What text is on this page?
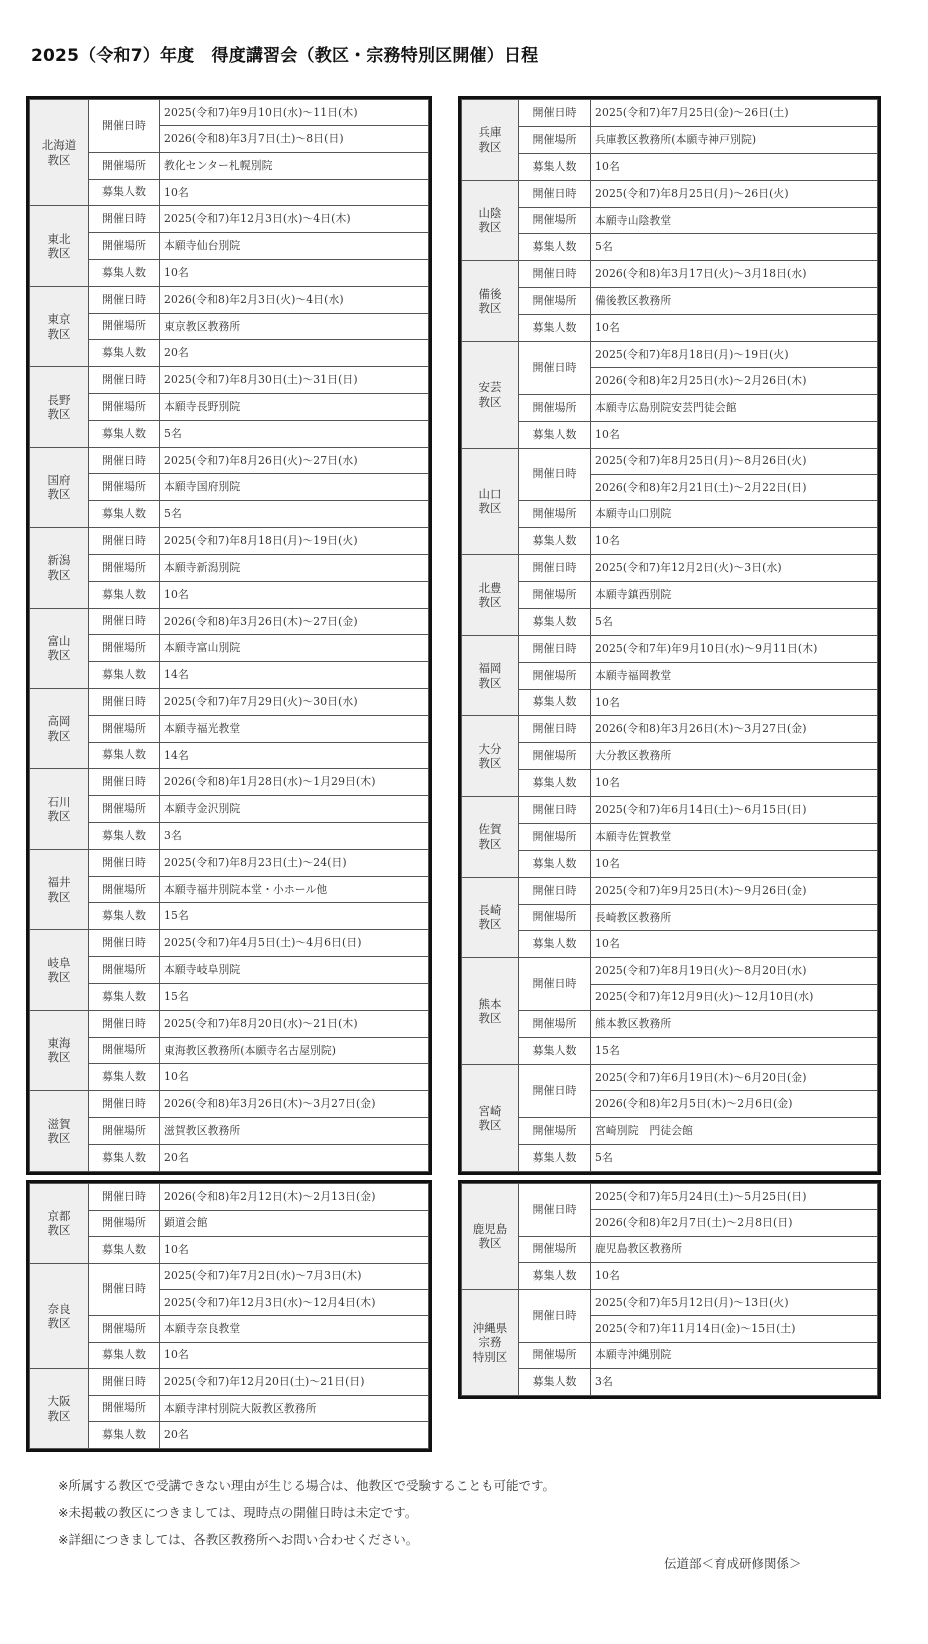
2025（令和7）年度　得度講習会（教区・宗務特別区開催）日程
北海道
教区	開催日時	2025(令和7)年9月10日(水)～11日(木)
		2026(令和8)年3月7日(土)～8日(日)
	開催場所	教化センター札幌別院
	募集人数	10名
東北
教区	開催日時	2025(令和7)年12月3日(水)～4日(木)
	開催場所	本願寺仙台別院
	募集人数	10名
東京
教区	開催日時	2026(令和8)年2月3日(火)～4日(水)
	開催場所	東京教区教務所
	募集人数	20名
長野
教区	開催日時	2025(令和7)年8月30日(土)～31日(日)
	開催場所	本願寺長野別院
	募集人数	5名
国府
教区	開催日時	2025(令和7)年8月26日(火)～27日(水)
	開催場所	本願寺国府別院
	募集人数	5名
新潟
教区	開催日時	2025(令和7)年8月18日(月)～19日(火)
	開催場所	本願寺新潟別院
	募集人数	10名
富山
教区	開催日時	2026(令和8)年3月26日(木)～27日(金)
	開催場所	本願寺富山別院
	募集人数	14名
高岡
教区	開催日時	2025(令和7)年7月29日(火)～30日(水)
	開催場所	本願寺福光教堂
	募集人数	14名
石川
教区	開催日時	2026(令和8)年1月28日(水)～1月29日(木)
	開催場所	本願寺金沢別院
	募集人数	3名
福井
教区	開催日時	2025(令和7)年8月23日(土)～24(日)
	開催場所	本願寺福井別院本堂・小ホール他
	募集人数	15名
岐阜
教区	開催日時	2025(令和7)年4月5日(土)～4月6日(日)
	開催場所	本願寺岐阜別院
	募集人数	15名
東海
教区	開催日時	2025(令和7)年8月20日(水)～21日(木)
	開催場所	東海教区教務所(本願寺名古屋別院)
	募集人数	10名
滋賀
教区	開催日時	2026(令和8)年3月26日(木)～3月27日(金)
	開催場所	滋賀教区教務所
	募集人数	20名
兵庫
教区	開催日時	2025(令和7)年7月25日(金)～26日(土)
	開催場所	兵庫教区教務所(本願寺神戸別院)
	募集人数	10名
山陰
教区	開催日時	2025(令和7)年8月25日(月)～26日(火)
	開催場所	本願寺山陰教堂
	募集人数	5名
備後
教区	開催日時	2026(令和8)年3月17日(火)～3月18日(水)
	開催場所	備後教区教務所
	募集人数	10名
安芸
教区	開催日時	2025(令和7)年8月18日(月)～19日(火)
		2026(令和8)年2月25日(水)～2月26日(木)
	開催場所	本願寺広島別院安芸門徒会館
	募集人数	10名
山口
教区	開催日時	2025(令和7)年8月25日(月)～8月26日(火)
		2026(令和8)年2月21日(土)～2月22日(日)
	開催場所	本願寺山口別院
	募集人数	10名
北豊
教区	開催日時	2025(令和7)年12月2日(火)～3日(水)
	開催場所	本願寺鎮西別院
	募集人数	5名
福岡
教区	開催日時	2025(令和7年)年9月10日(水)～9月11日(木)
	開催場所	本願寺福岡教堂
	募集人数	10名
大分
教区	開催日時	2026(令和8)年3月26日(木)～3月27日(金)
	開催場所	大分教区教務所
	募集人数	10名
佐賀
教区	開催日時	2025(令和7)年6月14日(土)～6月15日(日)
	開催場所	本願寺佐賀教堂
	募集人数	10名
長崎
教区	開催日時	2025(令和7)年9月25日(木)～9月26日(金)
	開催場所	長崎教区教務所
	募集人数	10名
熊本
教区	開催日時	2025(令和7)年8月19日(火)～8月20日(水)
		2025(令和7)年12月9日(火)～12月10日(水)
	開催場所	熊本教区教務所
	募集人数	15名
宮崎
教区	開催日時	2025(令和7)年6月19日(木)～6月20日(金)
		2026(令和8)年2月5日(木)～2月6日(金)
	開催場所	宮崎別院　門徒会館
	募集人数	5名
京都
教区	開催日時	2026(令和8)年2月12日(木)～2月13日(金)
	開催場所	顕道会館
	募集人数	10名
奈良
教区	開催日時	2025(令和7)年7月2日(水)～7月3日(木)
		2025(令和7)年12月3日(水)～12月4日(木)
	開催場所	本願寺奈良教堂
	募集人数	10名
大阪
教区	開催日時	2025(令和7)年12月20日(土)～21日(日)
	開催場所	本願寺津村別院大阪教区教務所
	募集人数	20名
鹿児島
教区	開催日時	2025(令和7)年5月24日(土)～5月25日(日)
		2026(令和8)年2月7日(土)～2月8日(日)
	開催場所	鹿児島教区教務所
	募集人数	10名
沖縄県
宗務
特別区	開催日時	2025(令和7)年5月12日(月)～13日(火)
		2025(令和7)年11月14日(金)～15日(土)
	開催場所	本願寺沖縄別院
	募集人数	3名
※所属する教区で受講できない理由が生じる場合は、他教区で受験することも可能です。
※未掲載の教区につきましては、現時点の開催日時は未定です。
※詳細につきましては、各教区教務所へお問い合わせください。
伝道部＜育成研修関係＞
